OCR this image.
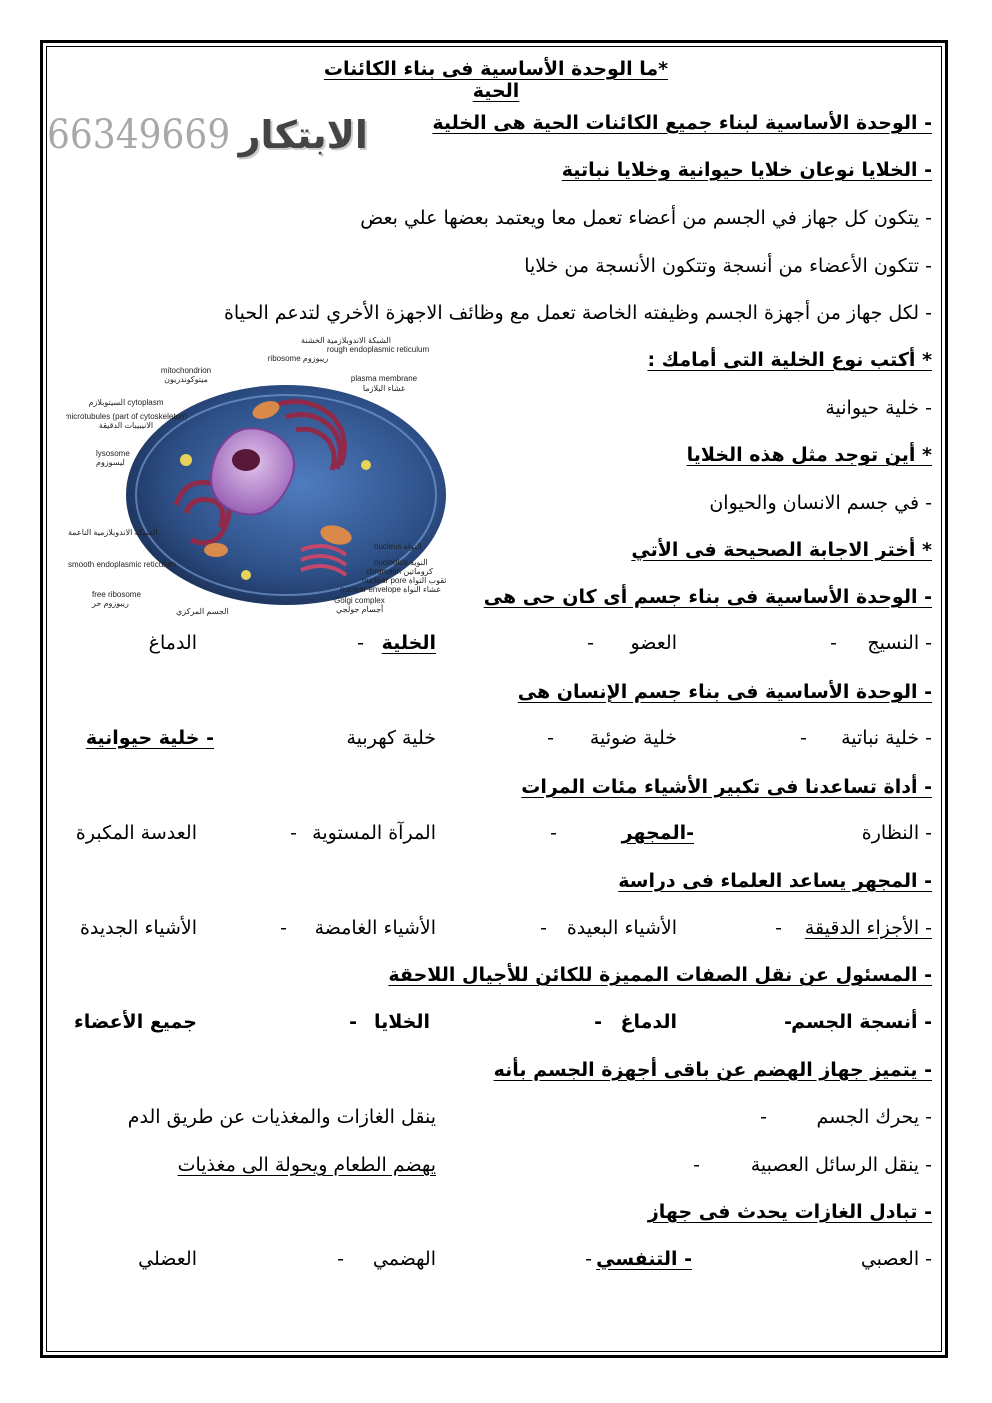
*ما الوحدة الأساسية فى بناء الكائنات الحية
66349669 الابتكار	- الوحدة الأساسية لبناء جميع الكائنات الحية هى الخلية
- الخلايا نوعان خلايا حيوانية وخلايا نباتية
- يتكون كل جهاز في الجسم من أعضاء تعمل معا ويعتمد بعضها علي بعض
- تتكون الأعضاء من أنسجة وتتكون الأنسجة من خلايا
- لكل جهاز من أجهزة الجسم وظيفته الخاصة تعمل مع وظائف الاجهزة الأخري لتدعم الحياة
* أكتب نوع الخلية التى أمامك :
- خلية حيوانية
* أين توجد مثل هذه الخلايا
- في جسم الانسان والحيوان
* أختر الاجابة الصحيحة فى الأتي
الشبكة الاندوبلازمية الخشنة
rough endoplasmic reticulum
ribosome ريبوزوم
mitochondrion
ميتوكوندريون	plasma membrane
غشاء البلازما
السيتوبلازم cytoplasm
microtubules (part of cytoskeleton)
الانيبيبات الدقيقة
lysosome
ليسوزوم
الشبكة الاندوبلازمية الناعمة
smooth endoplasmic reticulum
free ribosome
ريبوزوم حر
الجسم المركزي
nucleus النواة
nucleolus النوية
chromatin كروماتين
nuclear pore ثقوب النواة
nuclear envelope غشاء النواة
Golgi complex
أجسام جولجي
- الوحدة الأساسية فى بناء جسم أى كان حى هى
- النسيج
-
العضو
-
الخلية
-
الدماغ
- الوحدة الأساسية فى بناء جسم الإنسان هى
- خلية نباتية
-
خلية ضوئية
-
خلية كهربية
- خلية حيوانية
- أداة تساعدنا فى تكبير الأشياء مئات المرات
- النظارة
-المجهر
-
المرآة المستوية
-
العدسة المكبرة
- المجهر يساعد العلماء فى دراسة
- الأجزاء الدقيقة
-
الأشياء البعيدة
-
الأشياء الغامضة
-
الأشياء الجديدة
- المسئول عن نقل الصفات المميزة للكائن للأجيال اللاحقة
- أنسجة الجسم
-
الدماغ
-
الخلايا
-
جميع الأعضاء
- يتميز جهاز الهضم عن باقى أجهزة الجسم بأنه
- يحرك الجسم
-
ينقل الغازات والمغذيات عن طريق الدم
- ينقل الرسائل العصبية
-
يهضم الطعام ويحولة الى مغذيات
- تبادل الغازات يحدث فى جهاز
- العصبي
- التنفسي
-
الهضمي
-
العضلي
